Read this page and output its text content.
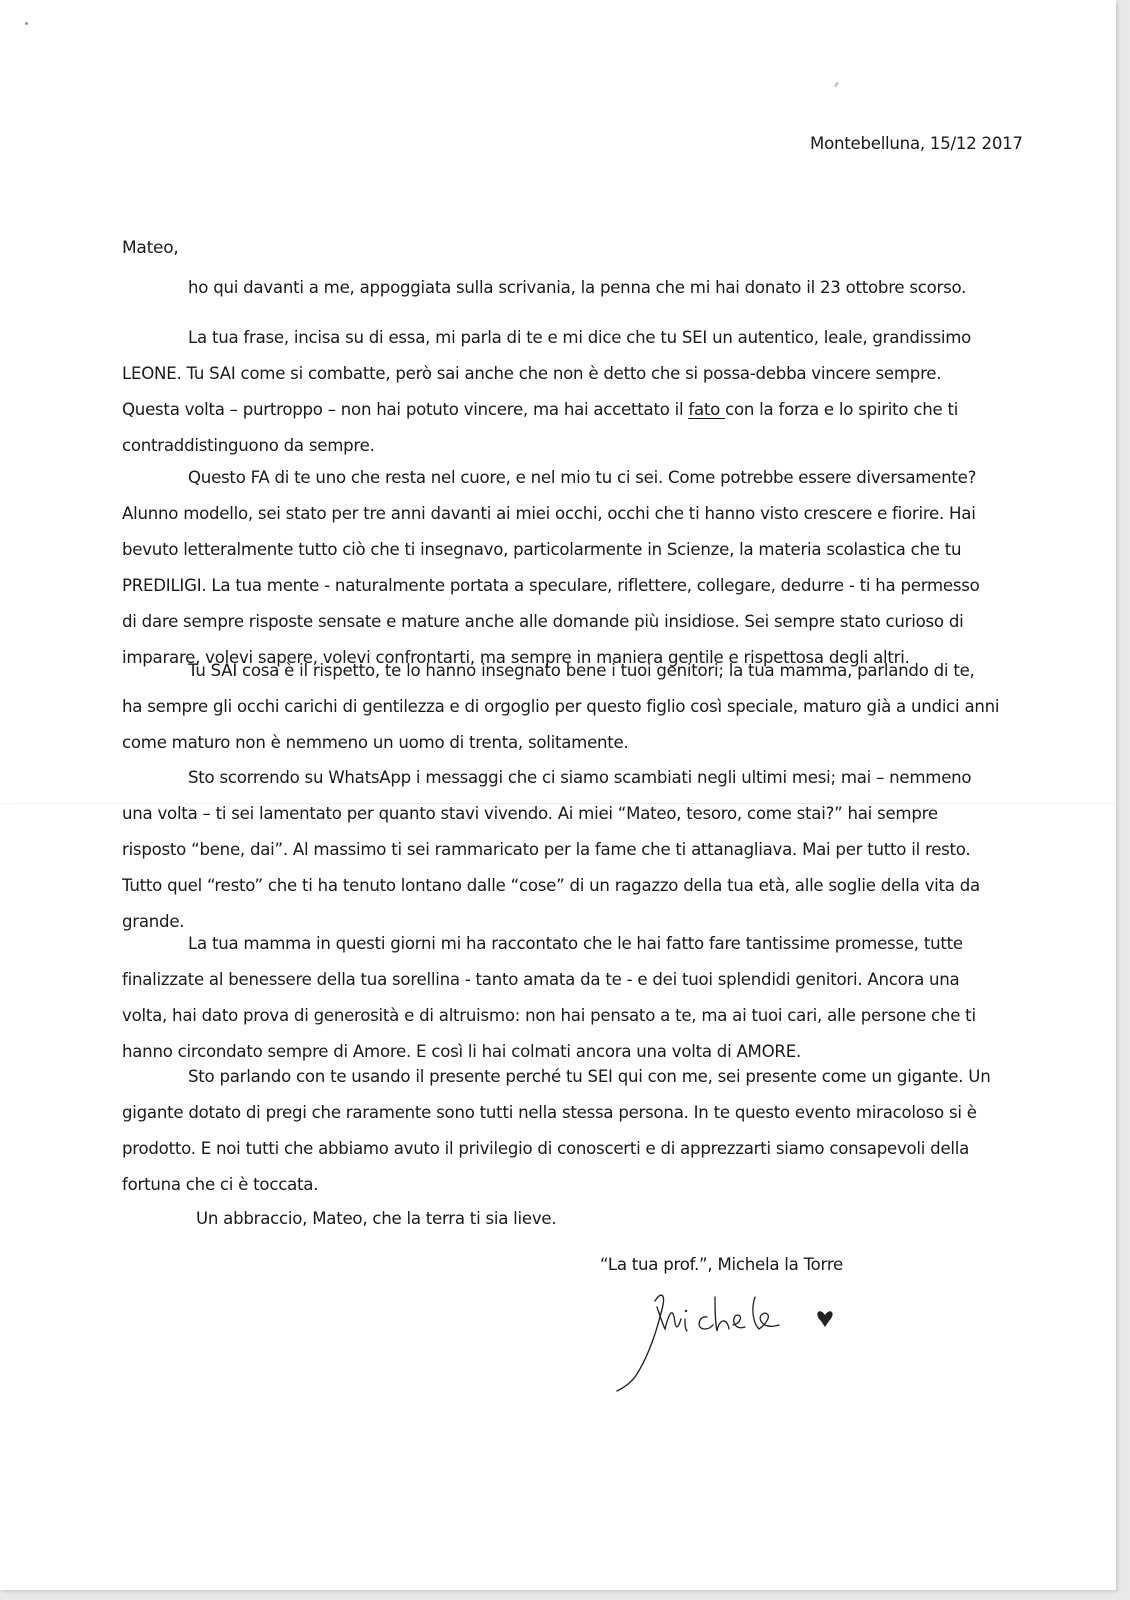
Montebelluna, 15/12 2017
Mateo,
ho qui davanti a me, appoggiata sulla scrivania, la penna che mi hai donato il 23 ottobre scorso.
La tua frase, incisa su di essa, mi parla di te e mi dice che tu SEI un autentico, leale, grandissimo
LEONE. Tu SAI come si combatte, però sai anche che non è detto che si possa-debba vincere sempre.
Questa volta – purtroppo – non hai potuto vincere, ma hai accettato il fato con la forza e lo spirito che ti
contraddistinguono da sempre.
Questo FA di te uno che resta nel cuore, e nel mio tu ci sei. Come potrebbe essere diversamente?
Alunno modello, sei stato per tre anni davanti ai miei occhi, occhi che ti hanno visto crescere e fiorire. Hai
bevuto letteralmente tutto ciò che ti insegnavo, particolarmente in Scienze, la materia scolastica che tu
PREDILIGI. La tua mente - naturalmente portata a speculare, riflettere, collegare, dedurre - ti ha permesso
di dare sempre risposte sensate e mature anche alle domande più insidiose. Sei sempre stato curioso di
imparare, volevi sapere, volevi confrontarti, ma sempre in maniera gentile e rispettosa degli altri.
Tu SAI cosa è il rispetto, te lo hanno insegnato bene i tuoi genitori; la tua mamma, parlando di te,
ha sempre gli occhi carichi di gentilezza e di orgoglio per questo figlio così speciale, maturo già a undici anni
come maturo non è nemmeno un uomo di trenta, solitamente.
Sto scorrendo su WhatsApp i messaggi che ci siamo scambiati negli ultimi mesi; mai – nemmeno
una volta – ti sei lamentato per quanto stavi vivendo. Ai miei “Mateo, tesoro, come stai?” hai sempre
risposto “bene, dai”. Al massimo ti sei rammaricato per la fame che ti attanagliava. Mai per tutto il resto.
Tutto quel “resto” che ti ha tenuto lontano dalle “cose” di un ragazzo della tua età, alle soglie della vita da
grande.
La tua mamma in questi giorni mi ha raccontato che le hai fatto fare tantissime promesse, tutte
finalizzate al benessere della tua sorellina - tanto amata da te - e dei tuoi splendidi genitori. Ancora una
volta, hai dato prova di generosità e di altruismo: non hai pensato a te, ma ai tuoi cari, alle persone che ti
hanno circondato sempre di Amore. E così li hai colmati ancora una volta di AMORE.
Sto parlando con te usando il presente perché tu SEI qui con me, sei presente come un gigante. Un
gigante dotato di pregi che raramente sono tutti nella stessa persona. In te questo evento miracoloso si è
prodotto. E noi tutti che abbiamo avuto il privilegio di conoscerti e di apprezzarti siamo consapevoli della
fortuna che ci è toccata.
Un abbraccio, Mateo, che la terra ti sia lieve.
“La tua prof.”, Michela la Torre
